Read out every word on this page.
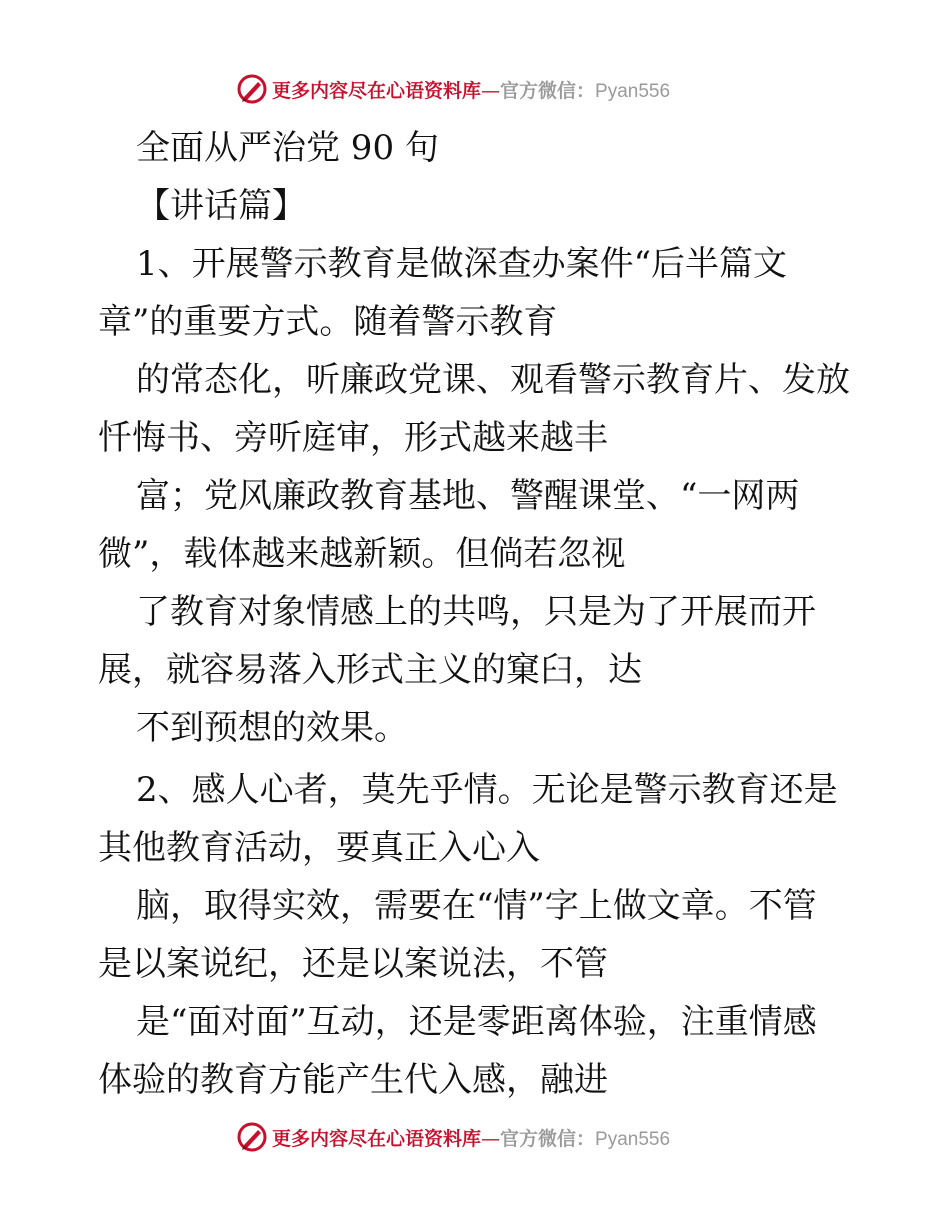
更多内容尽在心语资料库—官方微信：Pyan556
全面从严治党 90 句
【讲话篇】
1、开展警示教育是做深查办案件“后半篇文
章”的重要方式。随着警示教育
的常态化，听廉政党课、观看警示教育片、发放
忏悔书、旁听庭审，形式越来越丰
富；党风廉政教育基地、警醒课堂、“一网两
微”，载体越来越新颖。但倘若忽视
了教育对象情感上的共鸣，只是为了开展而开
展，就容易落入形式主义的窠臼，达
不到预想的效果。
2、感人心者，莫先乎情。无论是警示教育还是
其他教育活动，要真正入心入
脑，取得实效，需要在“情”字上做文章。不管
是以案说纪，还是以案说法，不管
是“面对面”互动，还是零距离体验，注重情感
体验的教育方能产生代入感，融进
更多内容尽在心语资料库—官方微信：Pyan556
